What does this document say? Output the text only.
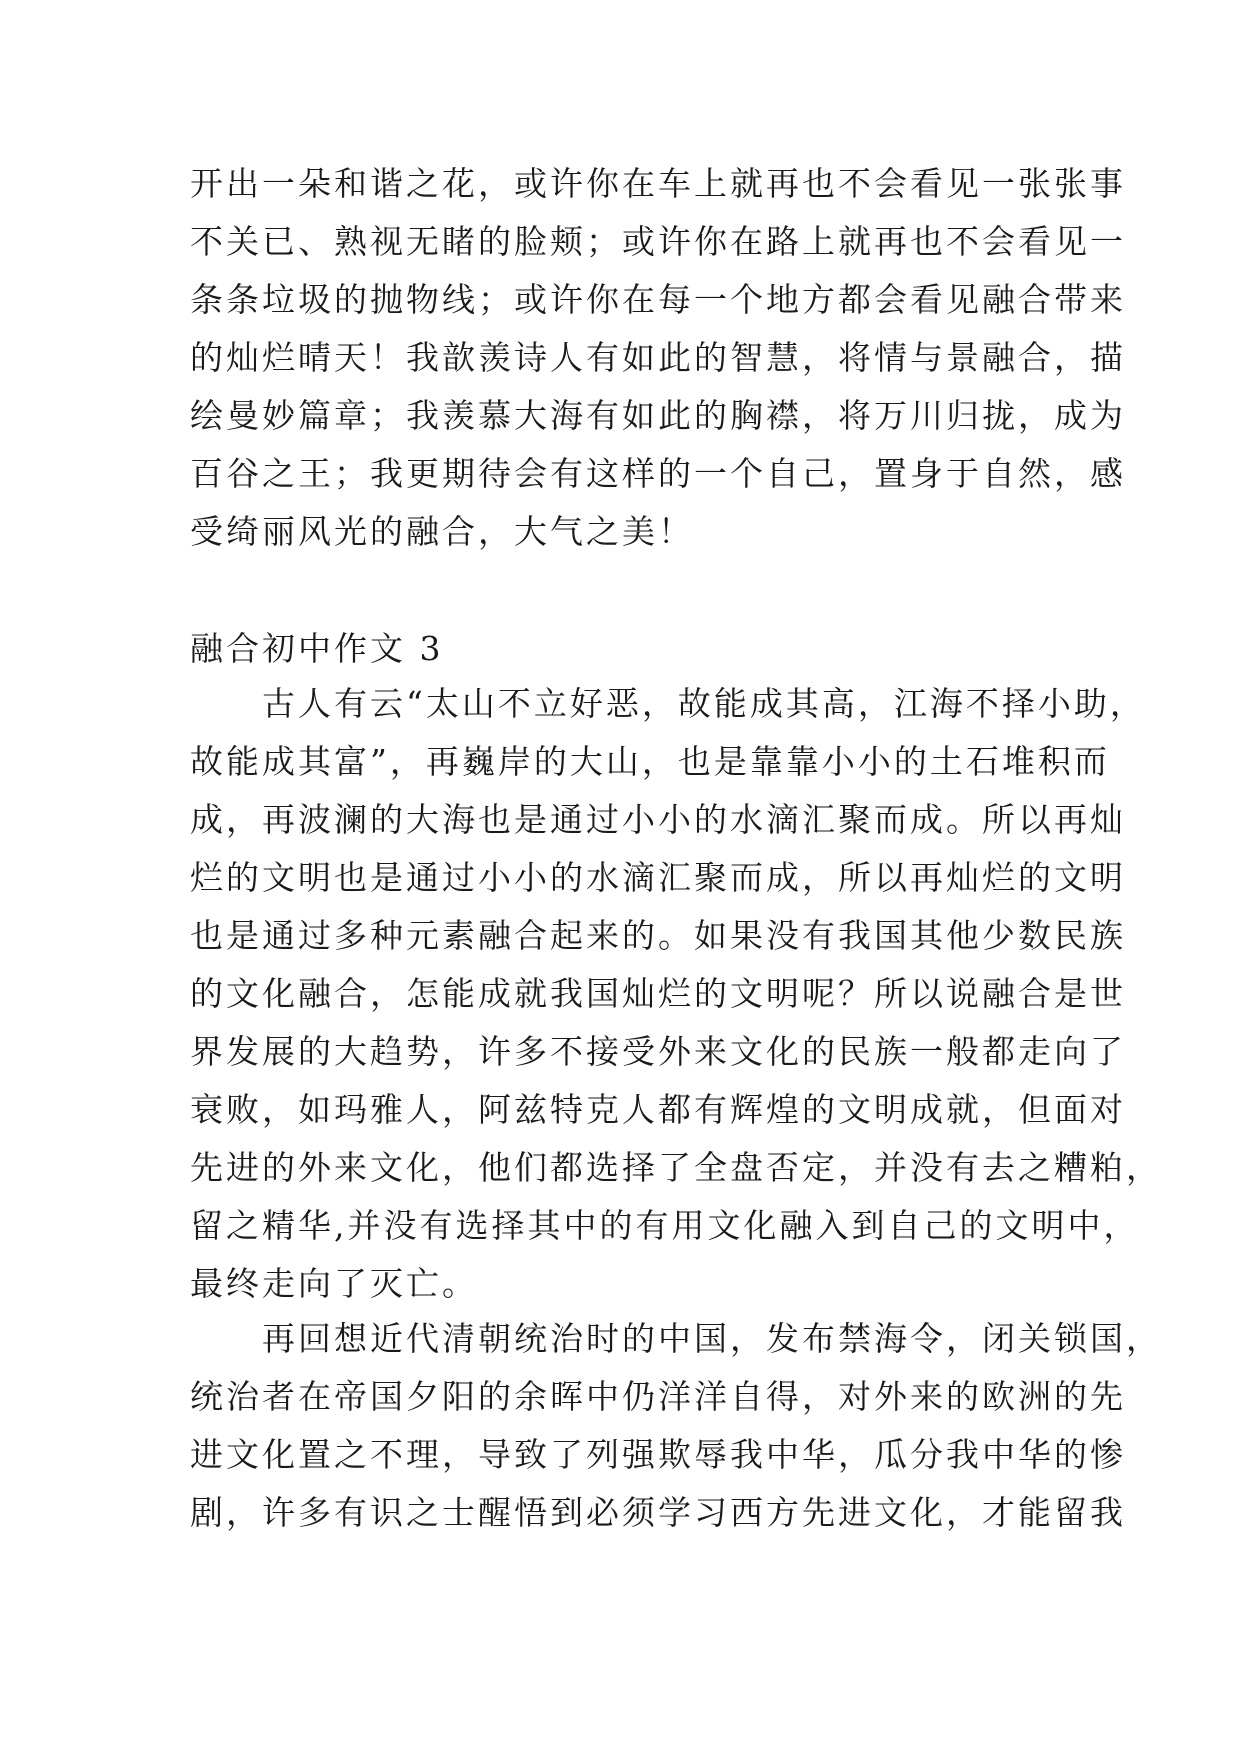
开出一朵和谐之花，或许你在车上就再也不会看见一张张事
不关已、熟视无睹的脸颊；或许你在路上就再也不会看见一
条条垃圾的抛物线；或许你在每一个地方都会看见融合带来
的灿烂晴天！我歆羡诗人有如此的智慧，将情与景融合，描
绘曼妙篇章；我羡慕大海有如此的胸襟，将万川归拢，成为
百谷之王；我更期待会有这样的一个自己，置身于自然，感
受绮丽风光的融合，大气之美！
融合初中作文 3
　　古人有云“太山不立好恶，故能成其高，江海不择小助，
故能成其富”，再巍岸的大山，也是靠靠小小的土石堆积而
成，再波澜的大海也是通过小小的水滴汇聚而成。所以再灿
烂的文明也是通过小小的水滴汇聚而成，所以再灿烂的文明
也是通过多种元素融合起来的。如果没有我国其他少数民族
的文化融合，怎能成就我国灿烂的文明呢？所以说融合是世
界发展的大趋势，许多不接受外来文化的民族一般都走向了
衰败，如玛雅人，阿兹特克人都有辉煌的文明成就，但面对
先进的外来文化，他们都选择了全盘否定，并没有去之糟粕，
留之精华,并没有选择其中的有用文化融入到自己的文明中，
最终走向了灭亡。
　　再回想近代清朝统治时的中国，发布禁海令，闭关锁国，
统治者在帝国夕阳的余晖中仍洋洋自得，对外来的欧洲的先
进文化置之不理，导致了列强欺辱我中华，瓜分我中华的惨
剧，许多有识之士醒悟到必须学习西方先进文化，才能留我
